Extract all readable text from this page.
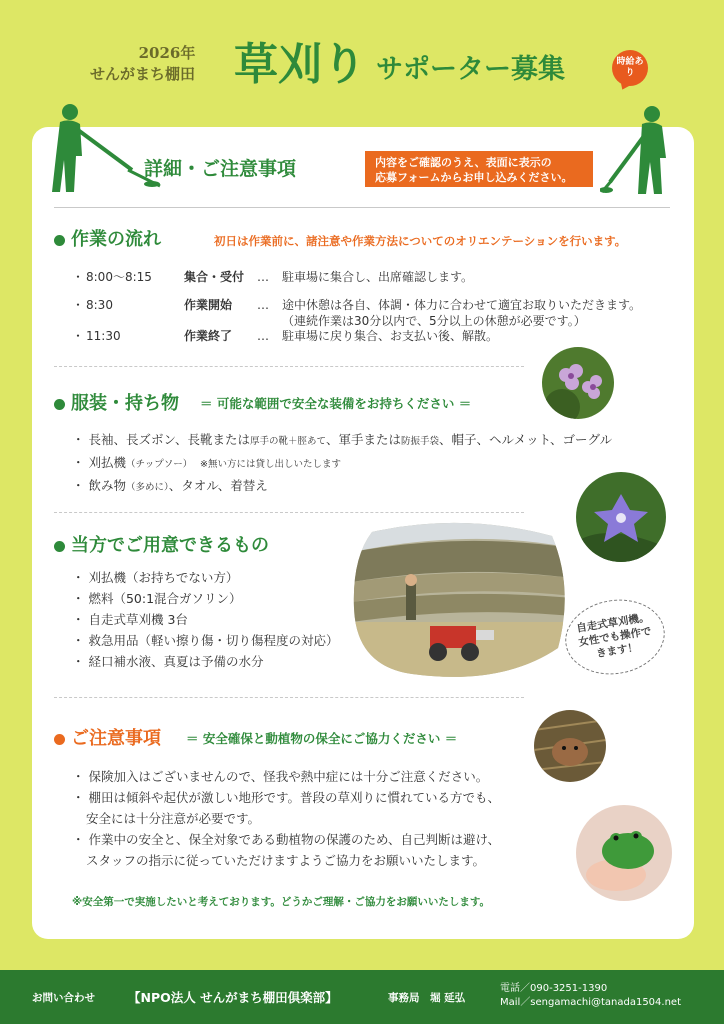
2026年
せんがまち棚田 草刈り サポーター募集	時給あり
詳細・ご注意事項	内容をご確認のうえ、表面に表示の
応募フォームからお申し込みください。
作業の流れ	初日は作業前に、諸注意や作業方法についてのオリエンテーションを行います。
・ 8:00～8:15	集合・受付 … 駐車場に集合し、出席確認します。
・ 8:30	作業開始 … 途中休憩は各自、体調・体力に合わせて適宜お取りいただきます。
（連続作業は30分以内で、5分以上の休憩が必要です。）
・ 11:30	作業終了 … 駐車場に戻り集合、お支払い後、解散。
服装・持ち物 ＝ 可能な範囲で安全な装備をお持ちください ＝
・ 長袖、長ズボン、長靴または厚手の靴＋脛あて、軍手または防振手袋、帽子、ヘルメット、ゴーグル
・ 刈払機（チップソー）　 ※無い方には貸し出しいたします
・ 飲み物（多めに）、タオル、着替え
当方でご用意できるもの
・ 刈払機（お持ちでない方）
・ 燃料（50:1混合ガソリン）
・ 自走式草刈機 3台
・ 救急用品（軽い擦り傷・切り傷程度の対応）
・ 経口補水液、真夏は予備の水分
自走式草刈機。女性でも操作できます！
ご注意事項 ＝ 安全確保と動植物の保全にご協力ください ＝
・ 保険加入はございませんので、怪我や熱中症には十分ご注意ください。
・ 棚田は傾斜や起伏が激しい地形です。普段の草刈りに慣れている方でも、
安全には十分注意が必要です。
・ 作業中の安全と、保全対象である動植物の保護のため、自己判断は避け、
スタッフの指示に従っていただけますようご協力をお願いいたします。
※安全第一で実施したいと考えております。どうかご理解・ご協力をお願いいたします。
お問い合わせ	【NPO法人 せんがまち棚田倶楽部】	事務局　堀 延弘
電話／090-3251-1390
Mail／sengamachi@tanada1504.net
